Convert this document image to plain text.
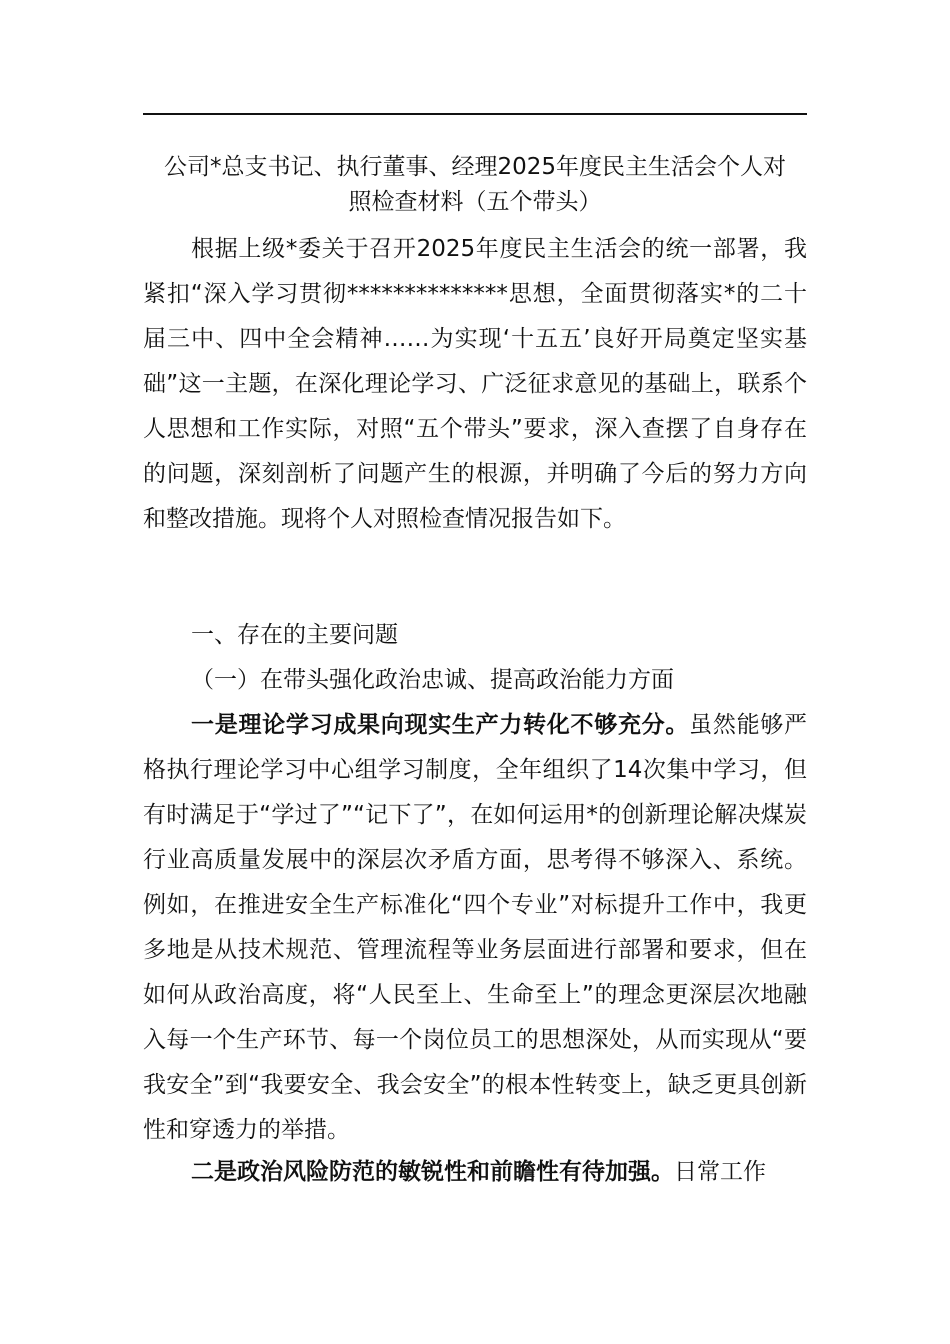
公司*总支书记、执行董事、经理2025年度民主生活会个人对
照检查材料（五个带头）

根据上级*委关于召开2025年度民主生活会的统一部署，我紧扣“深入学习贯彻**************思想，全面贯彻落实*的二十届三中、四中全会精神……为实现‘十五五’良好开局奠定坚实基础”这一主题，在深化理论学习、广泛征求意见的基础上，联系个人思想和工作实际，对照“五个带头”要求，深入查摆了自身存在的问题，深刻剖析了问题产生的根源，并明确了今后的努力方向和整改措施。现将个人对照检查情况报告如下。

一、存在的主要问题
（一）在带头强化政治忠诚、提高政治能力方面

一是理论学习成果向现实生产力转化不够充分。虽然能够严格执行理论学习中心组学习制度，全年组织了14次集中学习，但有时满足于“学过了”“记下了”，在如何运用*的创新理论解决煤炭行业高质量发展中的深层次矛盾方面，思考得不够深入、系统。例如，在推进安全生产标准化“四个专业”对标提升工作中，我更多地是从技术规范、管理流程等业务层面进行部署和要求，但在如何从政治高度，将“人民至上、生命至上”的理念更深层次地融入每一个生产环节、每一个岗位员工的思想深处，从而实现从“要我安全”到“我要安全、我会安全”的根本性转变上，缺乏更具创新性和穿透力的举措。

二是政治风险防范的敏锐性和前瞻性有待加强。日常工作
